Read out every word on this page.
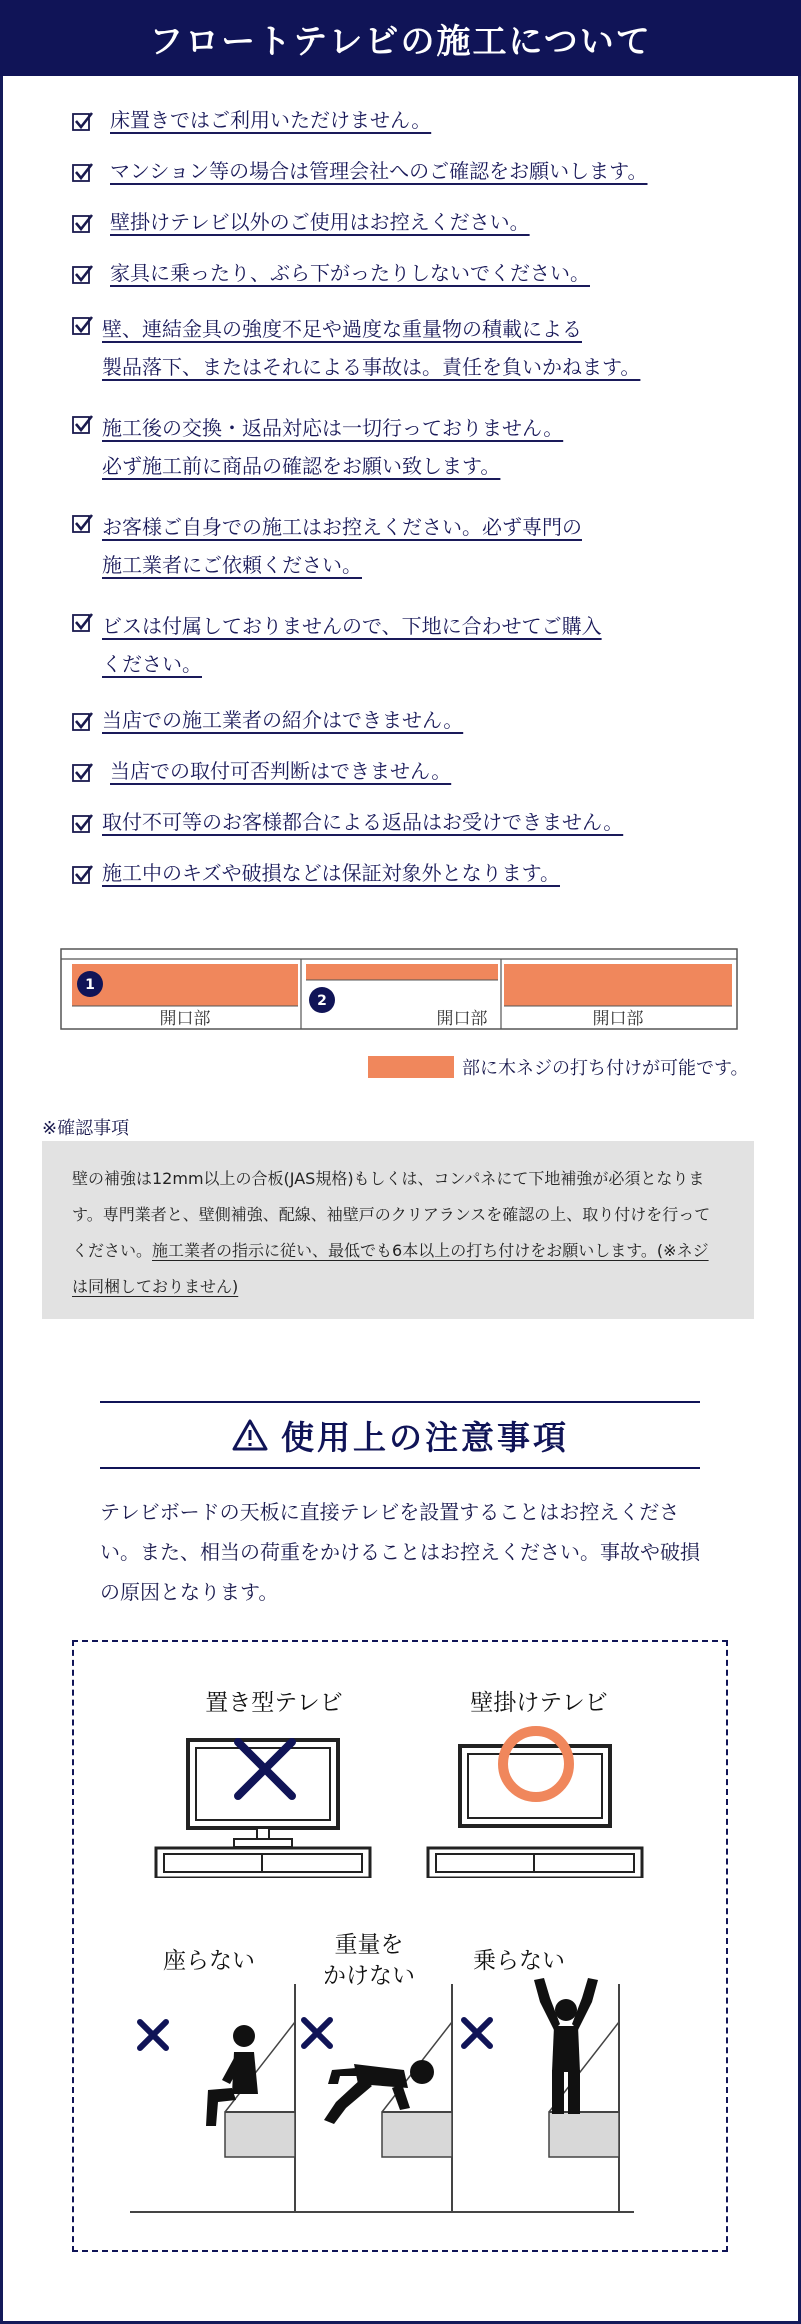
フロートテレビの施工について
床置きではご利用いただけません。
マンション等の場合は管理会社へのご確認をお願いします。
壁掛けテレビ以外のご使用はお控えください。
家具に乗ったり、ぶら下がったりしないでください。
壁、連結金具の強度不足や過度な重量物の積載による
製品落下、またはそれによる事故は。責任を負いかねます。
施工後の交換・返品対応は一切行っておりません。
必ず施工前に商品の確認をお願い致します。
お客様ご自身での施工はお控えください。必ず専門の
施工業者にご依頼ください。
ビスは付属しておりませんので、下地に合わせてご購入
ください。
当店での施工業者の紹介はできません。
当店での取付可否判断はできません。
取付不可等のお客様都合による返品はお受けできません。
施工中のキズや破損などは保証対象外となります。
1
2
開口部	開口部	開口部
部に木ネジの打ち付けが可能です。
※確認事項

壁の補強は12mm以上の合板(JAS規格)もしくは、コンパネにて下地補強が必須となります。専門業者と、壁側補強、配線、袖壁戸のクリアランスを確認の上、取り付けを行ってください。施工業者の指示に従い、最低でも6本以上の打ち付けをお願いします。(※ネジは同梱しておりません)

使用上の注意事項

テレビボードの天板に直接テレビを設置することはお控えください。また、相当の荷重をかけることはお控えください。事故や破損の原因となります。

置き型テレビ	壁掛けテレビ
座らない
重量を
かけない
乗らない
